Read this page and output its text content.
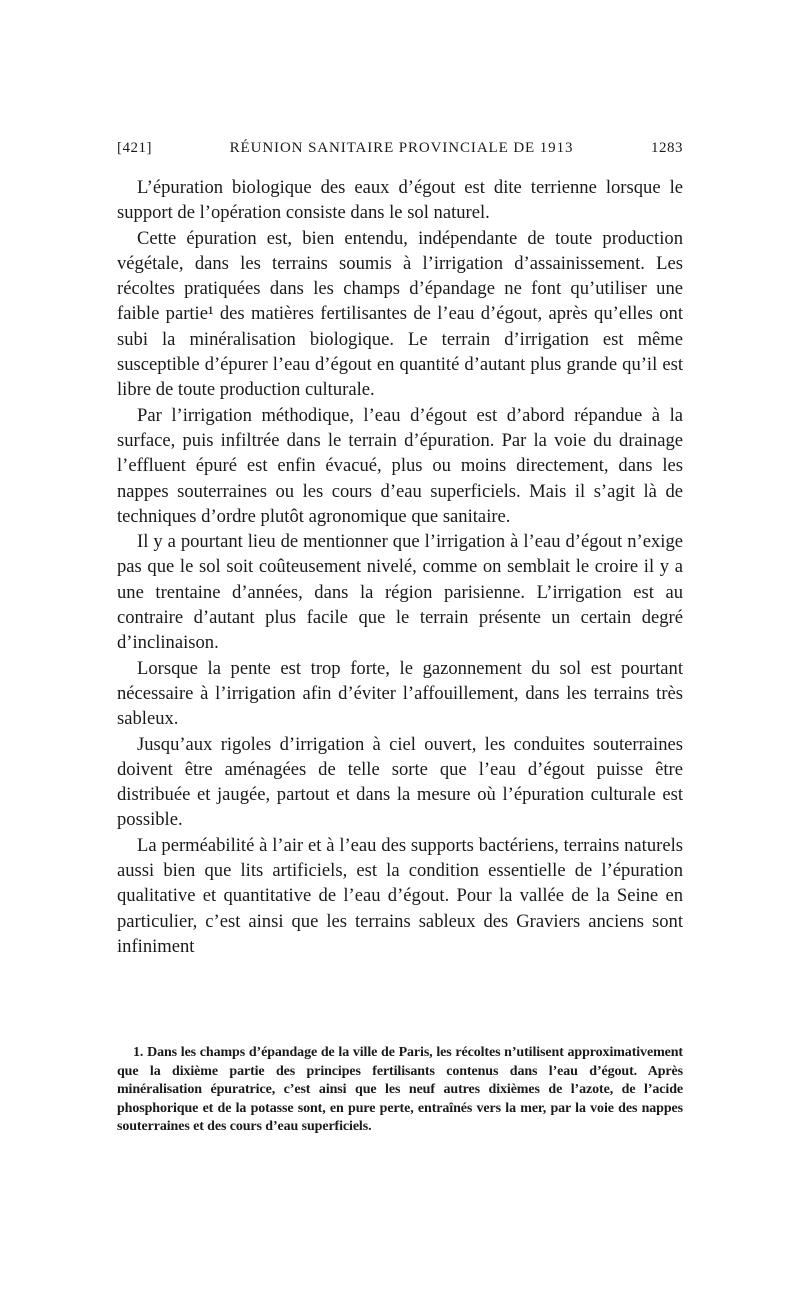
[421]	RÉUNION SANITAIRE PROVINCIALE DE 1913	1283

L’épuration biologique des eaux d’égout est dite terrienne lorsque le support de l’opération consiste dans le sol naturel.

Cette épuration est, bien entendu, indépendante de toute production végétale, dans les terrains soumis à l’irrigation d’assainissement. Les récoltes pratiquées dans les champs d’épandage ne font qu’utiliser une faible partie¹ des matières fertilisantes de l’eau d’égout, après qu’elles ont subi la minéralisation biologique. Le terrain d’irrigation est même susceptible d’épurer l’eau d’égout en quantité d’autant plus grande qu’il est libre de toute production culturale.

Par l’irrigation méthodique, l’eau d’égout est d’abord répandue à la surface, puis infiltrée dans le terrain d’épuration. Par la voie du drainage l’effluent épuré est enfin évacué, plus ou moins directement, dans les nappes souterraines ou les cours d’eau superficiels. Mais il s’agit là de techniques d’ordre plutôt agronomique que sanitaire.

Il y a pourtant lieu de mentionner que l’irrigation à l’eau d’égout n’exige pas que le sol soit coûteusement nivelé, comme on semblait le croire il y a une trentaine d’années, dans la région parisienne. L’irrigation est au contraire d’autant plus facile que le terrain présente un certain degré d’inclinaison.

Lorsque la pente est trop forte, le gazonnement du sol est pourtant nécessaire à l’irrigation afin d’éviter l’affouillement, dans les terrains très sableux.

Jusqu’aux rigoles d’irrigation à ciel ouvert, les conduites souterraines doivent être aménagées de telle sorte que l’eau d’égout puisse être distribuée et jaugée, partout et dans la mesure où l’épuration culturale est possible.

La perméabilité à l’air et à l’eau des supports bactériens, terrains naturels aussi bien que lits artificiels, est la condition essentielle de l’épuration qualitative et quantitative de l’eau d’égout. Pour la vallée de la Seine en particulier, c’est ainsi que les terrains sableux des Graviers anciens sont infiniment

1. Dans les champs d’épandage de la ville de Paris, les récoltes n’utilisent approximativement que la dixième partie des principes fertilisants contenus dans l’eau d’égout. Après minéralisation épuratrice, c’est ainsi que les neuf autres dixièmes de l’azote, de l’acide phosphorique et de la potasse sont, en pure perte, entraînés vers la mer, par la voie des nappes souterraines et des cours d’eau superficiels.
